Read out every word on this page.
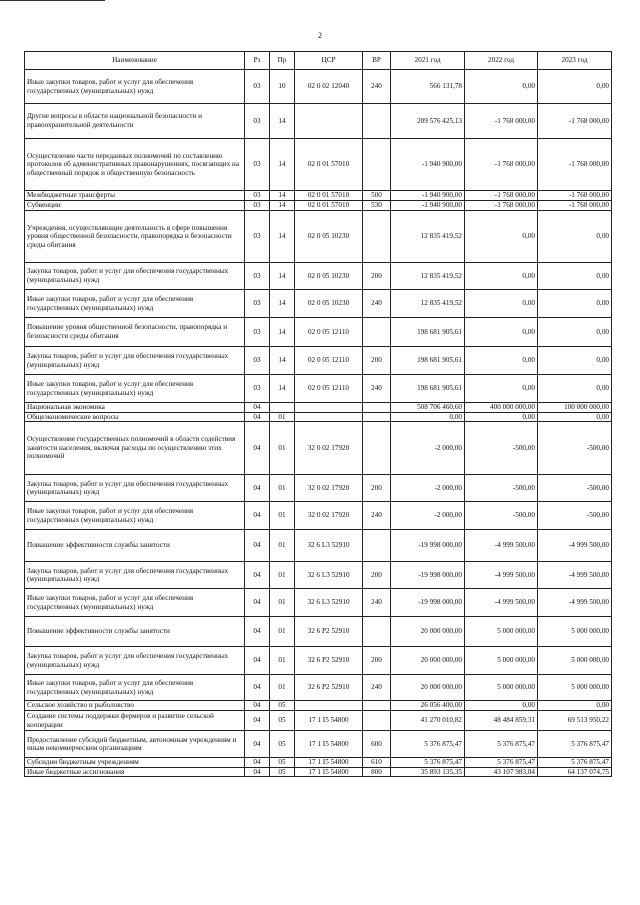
2
Наименование	Рз	Пр	ЦСР	ВР	2021 год	2022 год	2023 год
Иные закупки товаров, работ и услуг для обеспечения государственных (муниципальных) нужд	03	10	02 0 02 12040	240	566 131,78	0,00	0,00
Другие вопросы в области национальной безопасности и правоохранительной деятельности	03	14			209 576 425,13	-1 768 000,00	-1 768 000,00
Осуществление части переданных полномочий по составлению протоколов об административных правонарушениях, посягающих на общественный порядок и общественную безопасность	03	14	02 0 01 57010		-1 940 900,00	-1 768 000,00	-1 768 000,00
Межбюджетные трансферты	03	14	02 0 01 57010	500	-1 940 900,00	-1 768 000,00	-1 768 000,00
Субвенции	03	14	02 0 01 57010	530	-1 940 900,00	-1 768 000,00	-1 768 000,00
Учреждения, осуществляющие деятельность в сфере повышения уровня общественной безопасности, правопорядка и безопасности среды обитания	03	14	02 0 05 10230		12 835 419,52	0,00	0,00
Закупка товаров, работ и услуг для обеспечения государственных (муниципальных) нужд	03	14	02 0 05 10230	200	12 835 419,52	0,00	0,00
Иные закупки товаров, работ и услуг для обеспечения государственных (муниципальных) нужд	03	14	02 0 05 10230	240	12 835 419,52	0,00	0,00
Повышение уровня общественной безопасности, правопорядка и безопасности среды обитания	03	14	02 0 05 12110		198 681 905,61	0,00	0,00
Закупка товаров, работ и услуг для обеспечения государственных (муниципальных) нужд	03	14	02 0 05 12110	200	198 681 905,61	0,00	0,00
Иные закупки товаров, работ и услуг для обеспечения государственных (муниципальных) нужд	03	14	02 0 05 12110	240	198 681 905,61	0,00	0,00
Национальная экономика	04				508 706 460,60	400 000 000,00	100 000 000,00
Общеэкономические вопросы	04	01			0,00	0,00	0,00
Осуществление государственных полномочий в области содействия занятости населения, включая расходы по осуществлению этих полномочий	04	01	32 0 02 17920		-2 000,00	-500,00	-500,00
Закупка товаров, работ и услуг для обеспечения государственных (муниципальных) нужд	04	01	32 0 02 17920	200	-2 000,00	-500,00	-500,00
Иные закупки товаров, работ и услуг для обеспечения государственных (муниципальных) нужд	04	01	32 0 02 17920	240	-2 000,00	-500,00	-500,00
Повышение эффективности службы занятости	04	01	32 6 L3 52910		-19 998 000,00	-4 999 500,00	-4 999 500,00
Закупка товаров, работ и услуг для обеспечения государственных (муниципальных) нужд	04	01	32 6 L3 52910	200	-19 998 000,00	-4 999 500,00	-4 999 500,00
Иные закупки товаров, работ и услуг для обеспечения государственных (муниципальных) нужд	04	01	32 6 L3 52910	240	-19 998 000,00	-4 999 500,00	-4 999 500,00
Повышение эффективности службы занятости	04	01	32 6 P2 52910		20 000 000,00	5 000 000,00	5 000 000,00
Закупка товаров, работ и услуг для обеспечения государственных (муниципальных) нужд	04	01	32 6 P2 52910	200	20 000 000,00	5 000 000,00	5 000 000,00
Иные закупки товаров, работ и услуг для обеспечения государственных (муниципальных) нужд	04	01	32 6 P2 52910	240	20 000 000,00	5 000 000,00	5 000 000,00
Сельское хозяйство и рыболовство	04	05			26 056 400,00	0,00	0,00
Создание системы поддержки фермеров и развитие сельской кооперации	04	05	17 1 I5 54800		41 270 010,82	48 484 859,31	69 513 950,22
Предоставление субсидий бюджетным, автономным учреждениям и иным некоммерческим организациям	04	05	17 1 I5 54800	600	5 376 875,47	5 376 875,47	5 376 875,47
Субсидии бюджетным учреждениям	04	05	17 1 I5 54800	610	5 376 875,47	5 376 875,47	5 376 875,47
Иные бюджетные ассигнования	04	05	17 1 I5 54800	800	35 893 135,35	43 107 983,84	64 137 074,75
